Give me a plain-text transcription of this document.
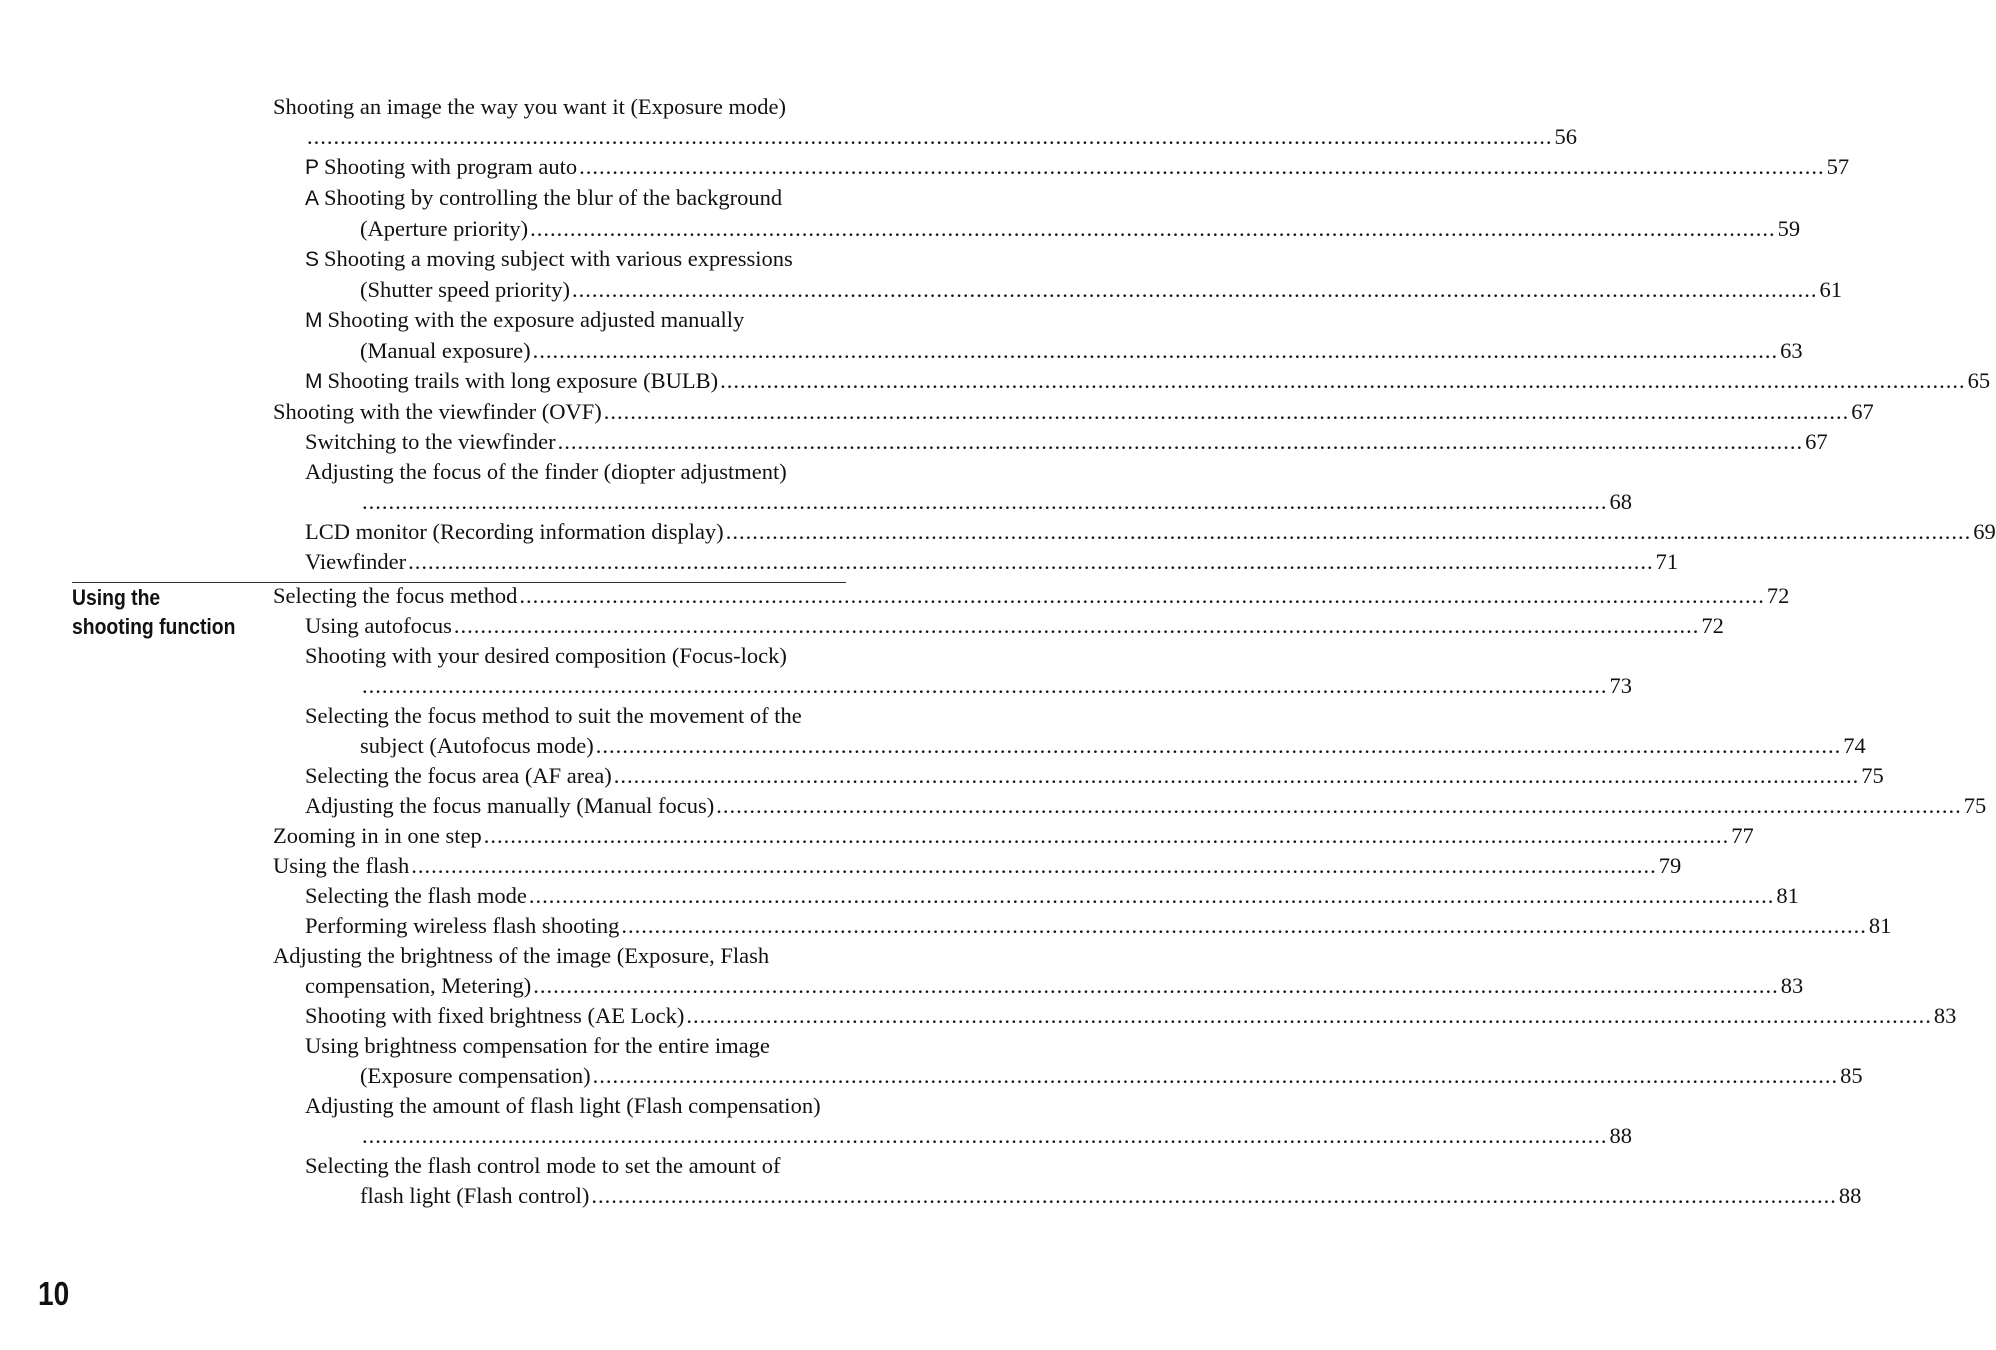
Shooting an image the way you want it (Exposure mode)
............................................................................................................................................................................................ 56
P Shooting with program auto ............................................................................................................................................................................................ 57
A Shooting by controlling the blur of the background
(Aperture priority) ............................................................................................................................................................................................ 59
S Shooting a moving subject with various expressions
(Shutter speed priority) ............................................................................................................................................................................................ 61
M Shooting with the exposure adjusted manually
(Manual exposure) ............................................................................................................................................................................................ 63
M Shooting trails with long exposure (BULB) ............................................................................................................................................................................................ 65
Shooting with the viewfinder (OVF) ............................................................................................................................................................................................ 67
Switching to the viewfinder ............................................................................................................................................................................................ 67
Adjusting the focus of the finder (diopter adjustment)
............................................................................................................................................................................................ 68
LCD monitor (Recording information display) ............................................................................................................................................................................................ 69
Viewfinder ............................................................................................................................................................................................ 71
Using the
shooting function
Selecting the focus method ............................................................................................................................................................................................ 72
Using autofocus ............................................................................................................................................................................................ 72
Shooting with your desired composition (Focus-lock)
............................................................................................................................................................................................ 73
Selecting the focus method to suit the movement of the
subject (Autofocus mode) ............................................................................................................................................................................................ 74
Selecting the focus area (AF area) ............................................................................................................................................................................................ 75
Adjusting the focus manually (Manual focus) ............................................................................................................................................................................................ 75
Zooming in in one step ............................................................................................................................................................................................ 77
Using the flash ............................................................................................................................................................................................ 79
Selecting the flash mode ............................................................................................................................................................................................ 81
Performing wireless flash shooting ............................................................................................................................................................................................ 81
Adjusting the brightness of the image (Exposure, Flash
compensation, Metering) ............................................................................................................................................................................................ 83
Shooting with fixed brightness (AE Lock) ............................................................................................................................................................................................ 83
Using brightness compensation for the entire image
(Exposure compensation) ............................................................................................................................................................................................ 85
Adjusting the amount of flash light (Flash compensation)
............................................................................................................................................................................................ 88
Selecting the flash control mode to set the amount of
flash light (Flash control) ............................................................................................................................................................................................ 88
10
